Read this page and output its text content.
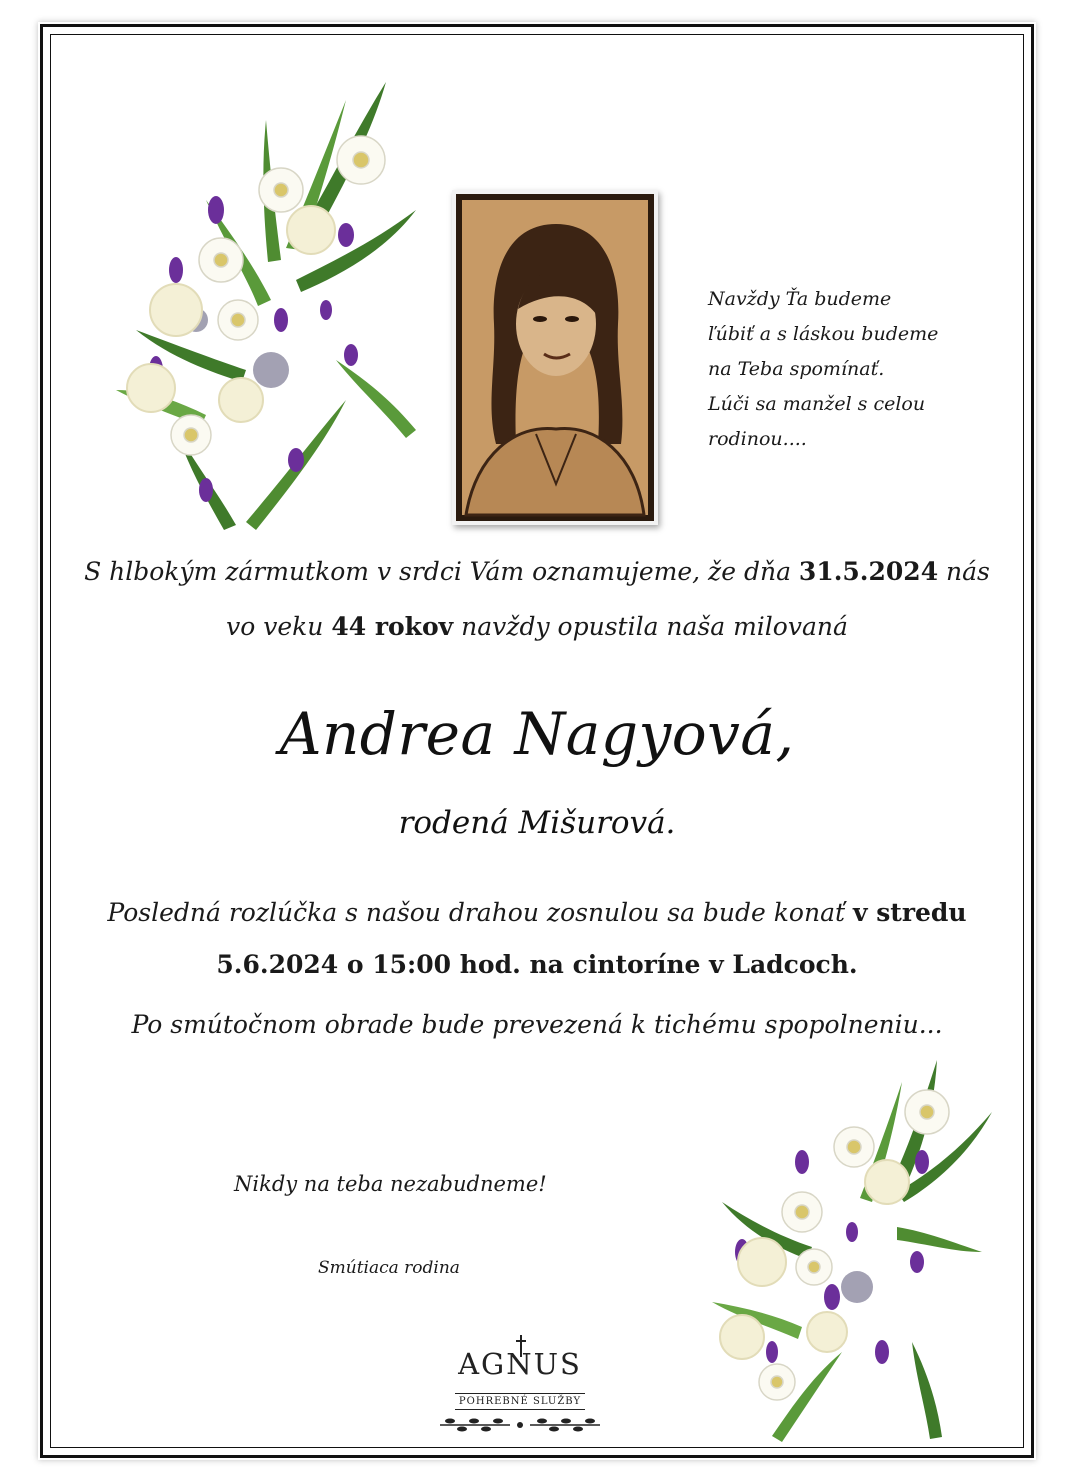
Navždy Ťa budeme
ľúbiť a s láskou budeme
na Teba spomínať.
Lúči sa manžel s celou
rodinou....
S hlbokým zármutkom v srdci Vám oznamujeme, že dňa 31.5.2024 nás
vo veku 44 rokov navždy opustila naša milovaná
Andrea Nagyová,
rodená Mišurová.
Posledná rozlúčka s našou drahou zosnulou sa bude konať v stredu
5.6.2024 o 15:00 hod. na cintoríne v Ladcoch.
Po smútočnom obrade bude prevezená k tichému spopolneniu...
Nikdy na teba nezabudneme!
Smútiaca rodina
AGNUS
POHREBNÉ SLUŽBY
